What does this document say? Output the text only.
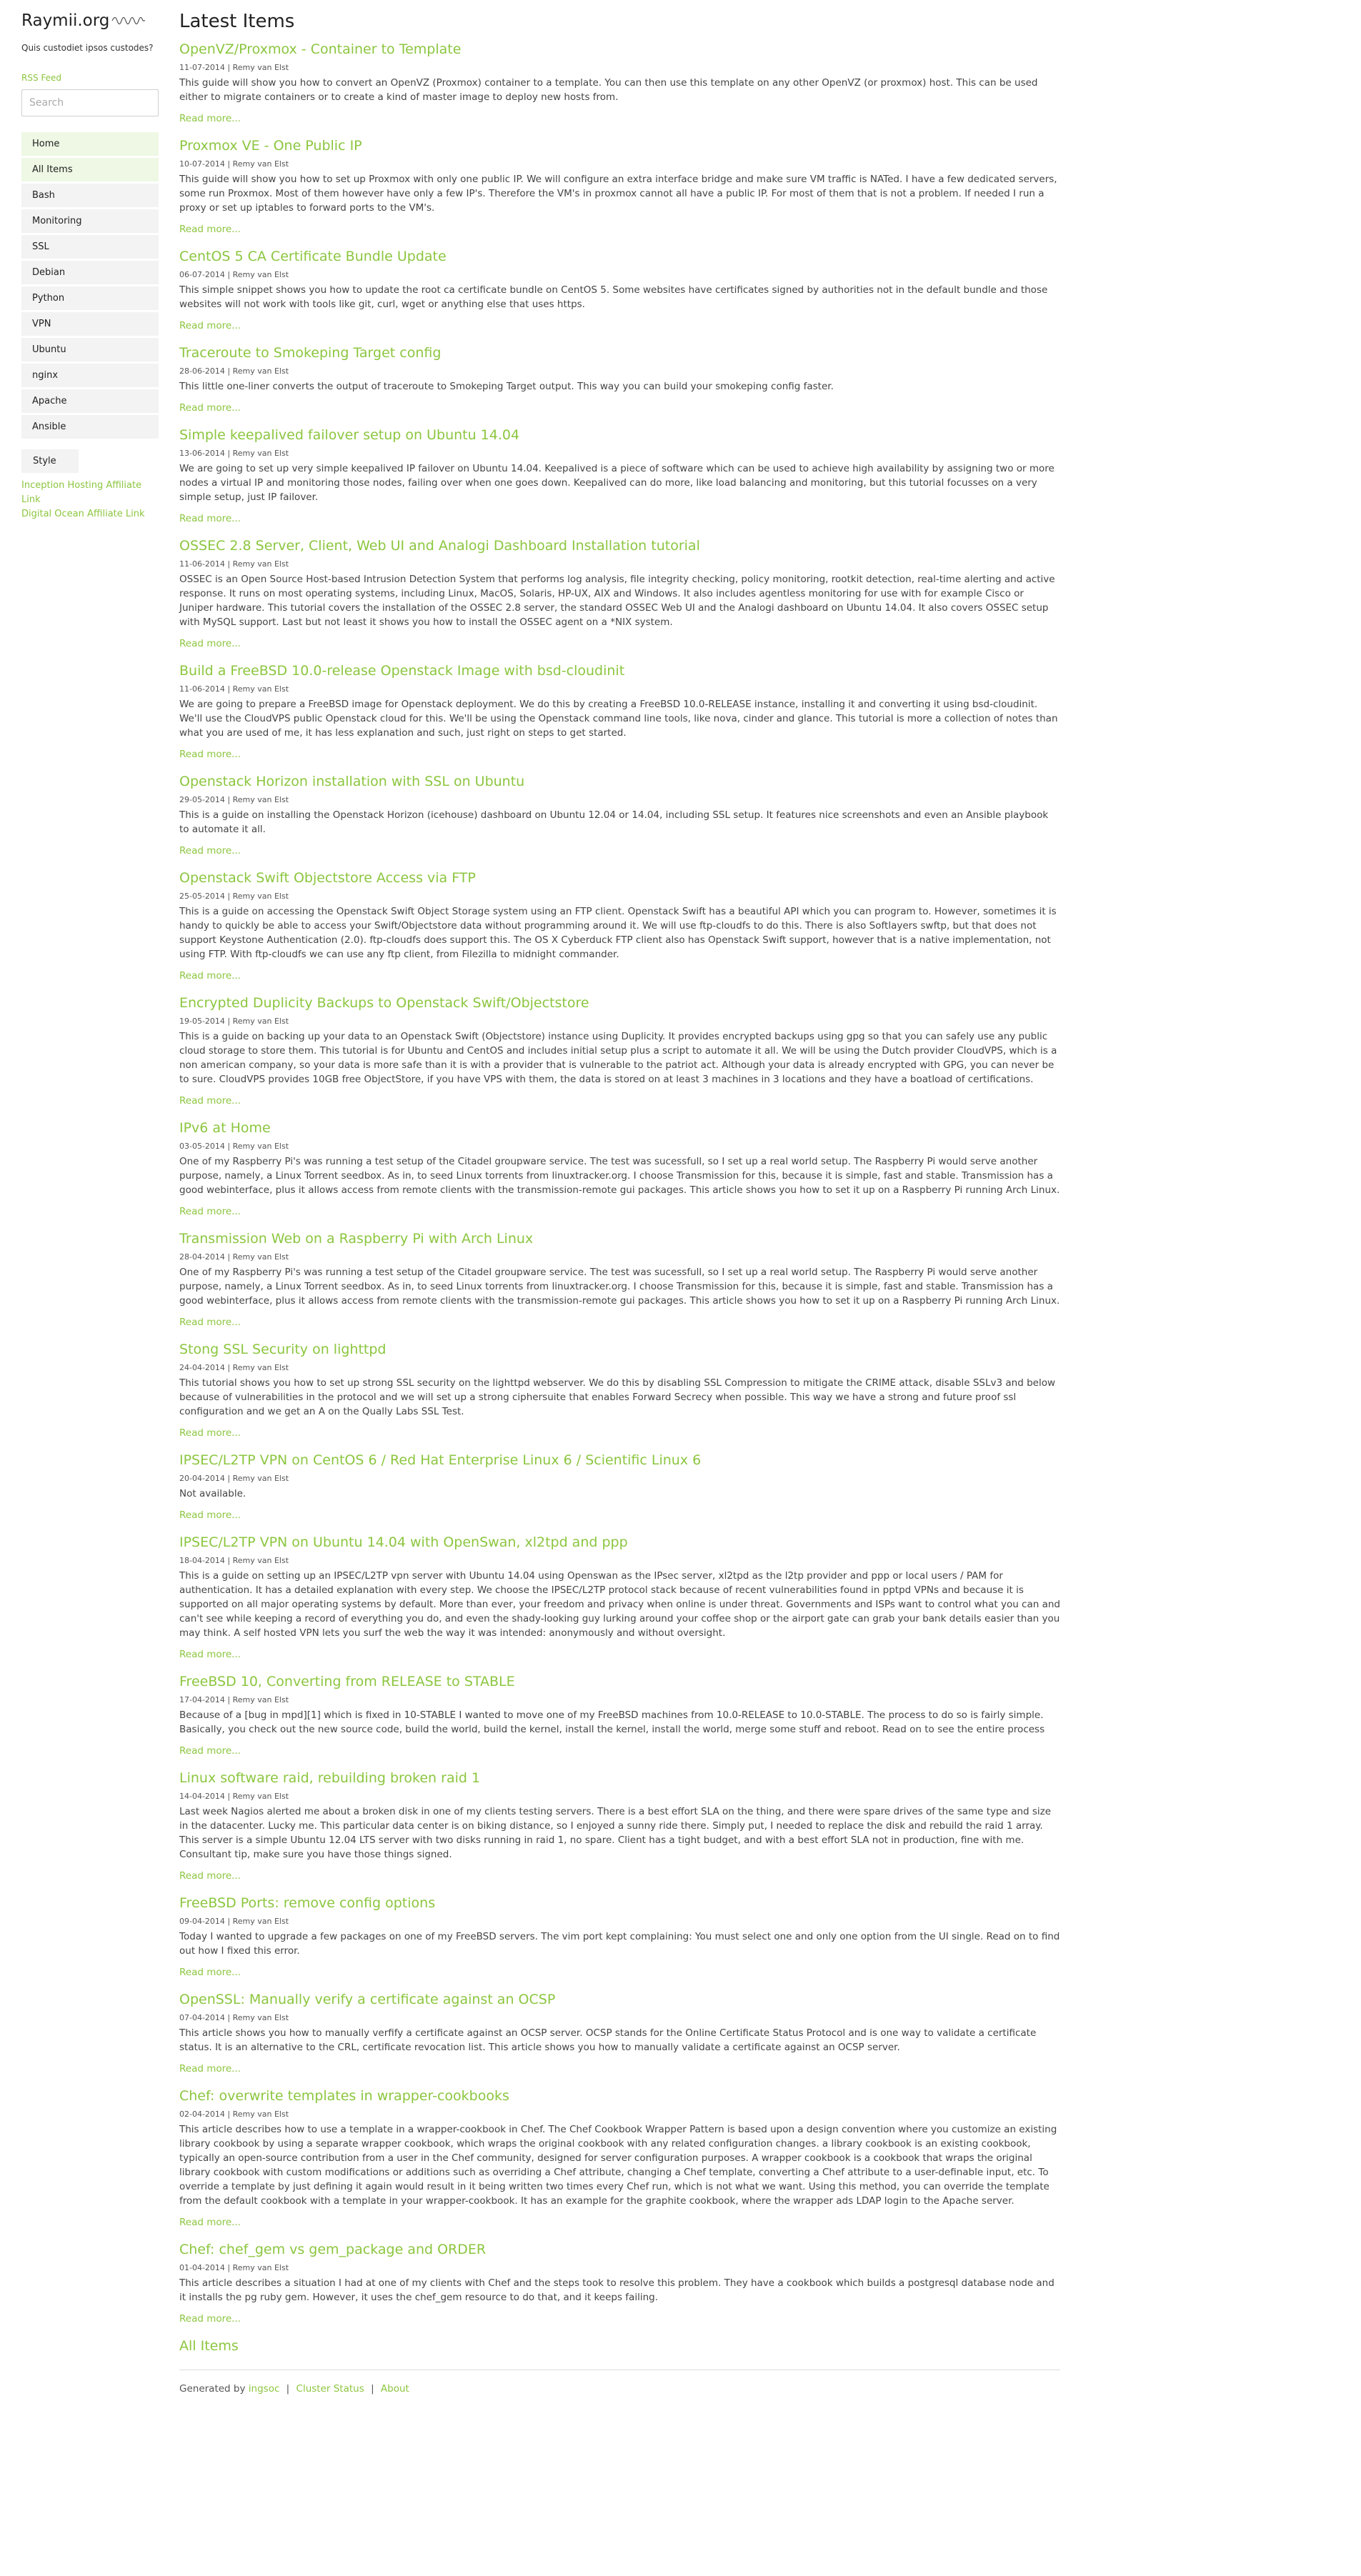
Raymii.org
Quis custodiet ipsos custodes?
RSS Feed
Search
Home
All Items
Bash
Monitoring
SSL
Debian
Python
VPN
Ubuntu
nginx
Apache
Ansible
Style
Inception Hosting Affiliate Link
Digital Ocean Affiliate Link
Latest Items
OpenVZ/Proxmox - Container to Template
11-07-2014 | Remy van Elst

This guide will show you how to convert an OpenVZ (Proxmox) container to a template. You can then use this template on any other OpenVZ (or proxmox) host. This can be used either to migrate containers or to create a kind of master image to deploy new hosts from.

Read more...
Proxmox VE - One Public IP
10-07-2014 | Remy van Elst

This guide will show you how to set up Proxmox with only one public IP. We will configure an extra interface bridge and make sure VM traffic is NATed. I have a few dedicated servers, some run Proxmox. Most of them however have only a few IP's. Therefore the VM's in proxmox cannot all have a public IP. For most of them that is not a problem. If needed I run a proxy or set up iptables to forward ports to the VM's.

Read more...
CentOS 5 CA Certificate Bundle Update
06-07-2014 | Remy van Elst

This simple snippet shows you how to update the root ca certificate bundle on CentOS 5. Some websites have certificates signed by authorities not in the default bundle and those websites will not work with tools like git, curl, wget or anything else that uses https.

Read more...
Traceroute to Smokeping Target config
28-06-2014 | Remy van Elst

This little one-liner converts the output of traceroute to Smokeping Target output. This way you can build your smokeping config faster.

Read more...
Simple keepalived failover setup on Ubuntu 14.04
13-06-2014 | Remy van Elst

We are going to set up very simple keepalived IP failover on Ubuntu 14.04. Keepalived is a piece of software which can be used to achieve high availability by assigning two or more nodes a virtual IP and monitoring those nodes, failing over when one goes down. Keepalived can do more, like load balancing and monitoring, but this tutorial focusses on a very simple setup, just IP failover.

Read more...
OSSEC 2.8 Server, Client, Web UI and Analogi Dashboard Installation tutorial
11-06-2014 | Remy van Elst

OSSEC is an Open Source Host-based Intrusion Detection System that performs log analysis, file integrity checking, policy monitoring, rootkit detection, real-time alerting and active response. It runs on most operating systems, including Linux, MacOS, Solaris, HP-UX, AIX and Windows. It also includes agentless monitoring for use with for example Cisco or Juniper hardware. This tutorial covers the installation of the OSSEC 2.8 server, the standard OSSEC Web UI and the Analogi dashboard on Ubuntu 14.04. It also covers OSSEC setup with MySQL support. Last but not least it shows you how to install the OSSEC agent on a *NIX system.

Read more...
Build a FreeBSD 10.0-release Openstack Image with bsd-cloudinit
11-06-2014 | Remy van Elst

We are going to prepare a FreeBSD image for Openstack deployment. We do this by creating a FreeBSD 10.0-RELEASE instance, installing it and converting it using bsd-cloudinit. We'll use the CloudVPS public Openstack cloud for this. We'll be using the Openstack command line tools, like nova, cinder and glance. This tutorial is more a collection of notes than what you are used of me, it has less explanation and such, just right on steps to get started.

Read more...
Openstack Horizon installation with SSL on Ubuntu
29-05-2014 | Remy van Elst

This is a guide on installing the Openstack Horizon (icehouse) dashboard on Ubuntu 12.04 or 14.04, including SSL setup. It features nice screenshots and even an Ansible playbook to automate it all.

Read more...
Openstack Swift Objectstore Access via FTP
25-05-2014 | Remy van Elst

This is a guide on accessing the Openstack Swift Object Storage system using an FTP client. Openstack Swift has a beautiful API which you can program to. However, sometimes it is handy to quickly be able to access your Swift/Objectstore data without programming around it. We will use ftp-cloudfs to do this. There is also Softlayers swftp, but that does not support Keystone Authentication (2.0). ftp-cloudfs does support this. The OS X Cyberduck FTP client also has Openstack Swift support, however that is a native implementation, not using FTP. With ftp-cloudfs we can use any ftp client, from Filezilla to midnight commander.

Read more...
Encrypted Duplicity Backups to Openstack Swift/Objectstore
19-05-2014 | Remy van Elst

This is a guide on backing up your data to an Openstack Swift (Objectstore) instance using Duplicity. It provides encrypted backups using gpg so that you can safely use any public cloud storage to store them. This tutorial is for Ubuntu and CentOS and includes initial setup plus a script to automate it all. We will be using the Dutch provider CloudVPS, which is a non american company, so your data is more safe than it is with a provider that is vulnerable to the patriot act. Although your data is already encrypted with GPG, you can never be to sure. CloudVPS provides 10GB free ObjectStore, if you have VPS with them, the data is stored on at least 3 machines in 3 locations and they have a boatload of certifications.

Read more...
IPv6 at Home
03-05-2014 | Remy van Elst

One of my Raspberry Pi's was running a test setup of the Citadel groupware service. The test was sucessfull, so I set up a real world setup. The Raspberry Pi would serve another purpose, namely, a Linux Torrent seedbox. As in, to seed Linux torrents from linuxtracker.org. I choose Transmission for this, because it is simple, fast and stable. Transmission has a good webinterface, plus it allows access from remote clients with the transmission-remote gui packages. This article shows you how to set it up on a Raspberry Pi running Arch Linux.

Read more...
Transmission Web on a Raspberry Pi with Arch Linux
28-04-2014 | Remy van Elst

One of my Raspberry Pi's was running a test setup of the Citadel groupware service. The test was sucessfull, so I set up a real world setup. The Raspberry Pi would serve another purpose, namely, a Linux Torrent seedbox. As in, to seed Linux torrents from linuxtracker.org. I choose Transmission for this, because it is simple, fast and stable. Transmission has a good webinterface, plus it allows access from remote clients with the transmission-remote gui packages. This article shows you how to set it up on a Raspberry Pi running Arch Linux.

Read more...
Stong SSL Security on lighttpd
24-04-2014 | Remy van Elst

This tutorial shows you how to set up strong SSL security on the lighttpd webserver. We do this by disabling SSL Compression to mitigate the CRIME attack, disable SSLv3 and below because of vulnerabilities in the protocol and we will set up a strong ciphersuite that enables Forward Secrecy when possible. This way we have a strong and future proof ssl configuration and we get an A on the Qually Labs SSL Test.

Read more...
IPSEC/L2TP VPN on CentOS 6 / Red Hat Enterprise Linux 6 / Scientific Linux 6
20-04-2014 | Remy van Elst

Not available.

Read more...
IPSEC/L2TP VPN on Ubuntu 14.04 with OpenSwan, xl2tpd and ppp
18-04-2014 | Remy van Elst

This is a guide on setting up an IPSEC/L2TP vpn server with Ubuntu 14.04 using Openswan as the IPsec server, xl2tpd as the l2tp provider and ppp or local users / PAM for authentication. It has a detailed explanation with every step. We choose the IPSEC/L2TP protocol stack because of recent vulnerabilities found in pptpd VPNs and because it is supported on all major operating systems by default. More than ever, your freedom and privacy when online is under threat. Governments and ISPs want to control what you can and can't see while keeping a record of everything you do, and even the shady-looking guy lurking around your coffee shop or the airport gate can grab your bank details easier than you may think. A self hosted VPN lets you surf the web the way it was intended: anonymously and without oversight.

Read more...
FreeBSD 10, Converting from RELEASE to STABLE
17-04-2014 | Remy van Elst

Because of a [bug in mpd][1] which is fixed in 10-STABLE I wanted to move one of my FreeBSD machines from 10.0-RELEASE to 10.0-STABLE. The process to do so is fairly simple. Basically, you check out the new source code, build the world, build the kernel, install the kernel, install the world, merge some stuff and reboot. Read on to see the entire process

Read more...
Linux software raid, rebuilding broken raid 1
14-04-2014 | Remy van Elst

Last week Nagios alerted me about a broken disk in one of my clients testing servers. There is a best effort SLA on the thing, and there were spare drives of the same type and size in the datacenter. Lucky me. This particular data center is on biking distance, so I enjoyed a sunny ride there. Simply put, I needed to replace the disk and rebuild the raid 1 array. This server is a simple Ubuntu 12.04 LTS server with two disks running in raid 1, no spare. Client has a tight budget, and with a best effort SLA not in production, fine with me. Consultant tip, make sure you have those things signed.

Read more...
FreeBSD Ports: remove config options
09-04-2014 | Remy van Elst

Today I wanted to upgrade a few packages on one of my FreeBSD servers. The vim port kept complaining: You must select one and only one option from the UI single. Read on to find out how I fixed this error.

Read more...
OpenSSL: Manually verify a certificate against an OCSP
07-04-2014 | Remy van Elst

This article shows you how to manually verfify a certificate against an OCSP server. OCSP stands for the Online Certificate Status Protocol and is one way to validate a certificate status. It is an alternative to the CRL, certificate revocation list. This article shows you how to manually validate a certificate against an OCSP server.

Read more...
Chef: overwrite templates in wrapper-cookbooks
02-04-2014 | Remy van Elst

This article describes how to use a template in a wrapper-cookbook in Chef. The Chef Cookbook Wrapper Pattern is based upon a design convention where you customize an existing library cookbook by using a separate wrapper cookbook, which wraps the original cookbook with any related configuration changes. a library cookbook is an existing cookbook, typically an open-source contribution from a user in the Chef community, designed for server configuration purposes. A wrapper cookbook is a cookbook that wraps the original library cookbook with custom modifications or additions such as overriding a Chef attribute, changing a Chef template, converting a Chef attribute to a user-definable input, etc. To override a template by just defining it again would result in it being written two times every Chef run, which is not what we want. Using this method, you can override the template from the default cookbook with a template in your wrapper-cookbook. It has an example for the graphite cookbook, where the wrapper ads LDAP login to the Apache server.

Read more...
Chef: chef_gem vs gem_package and ORDER
01-04-2014 | Remy van Elst

This article describes a situation I had at one of my clients with Chef and the steps took to resolve this problem. They have a cookbook which builds a postgresql database node and it installs the pg ruby gem. However, it uses the chef_gem resource to do that, and it keeps failing.

Read more...
All Items
Generated by ingsoc | Cluster Status | About
